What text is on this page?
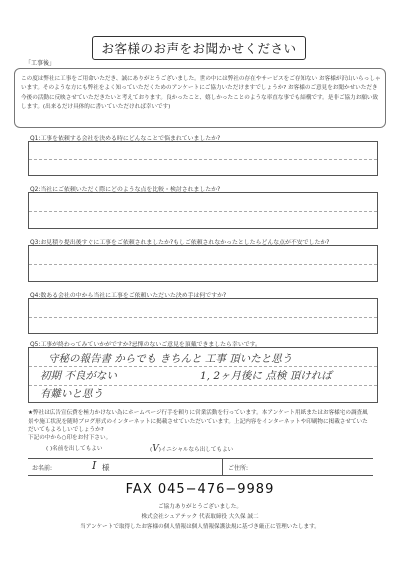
お客様のお声をお聞かせください
「工事後」
この度は弊社に工事をご用命いただき、誠にありがとうございました。世の中には弊社の存在やサービスをご存知ない お客様が沢山いらっしゃいます。そのような方にも弊社をよく知っていただくためのアンケートにご協力いただけますでしょうか? お客様のご意見をお聞かせいただき今後の活動に反映させていただきたいと考えております。良かったこと、嬉しかったことのような率直な事でも結構です。是非ご協力お願い致します。(出来るだけ具体的に書いていただければ幸いです)
Q1:工事を依頼する会社を決める時にどんなことで悩まれていましたか?
Q2:当社にご依頼いただく際にどのような点を比較・検討されましたか?
Q3:お見積り提出後すぐに工事をご依頼されましたか?もしご依頼されなかったとしたらどんな点が不安でしたか?
Q4:数ある会社の中から当社に工事をご依頼いただいた決め手は何ですか?
Q5:工事が終わってみていかがですか?忌憚のないご意見を頂戴できましたら幸いです。
守秘の報告書 からでも きちんと 工事 頂いたと思う
初期 不良がない	1, 2ヶ月後に 点検 頂ければ
有難いと思う
★弊社は広告宣伝費を極力かけない為にホームページ行手を頼りに営業活動を行っています。本アンケート用紙またはお客様宅の調査風景や施工状況を随時ブログ形式のインターネットに掲載させていただいています。上記内容をインターネットや印刷物に掲載させていただいてもよろしいでしょうか?
下記の中から○印をお付下さい。
( )名前を出してもよい	(V)イニシャルなら出してもよい
お名前:	I 様	ご住所:
FAX 045−476−9989
ご協力ありがとうございました。
株式会社シュアテック 代表取締役 大久保 誠二
当アンケートで取得したお客様の個人情報は個人情報保護法規に基づき厳正に管理いたします。
